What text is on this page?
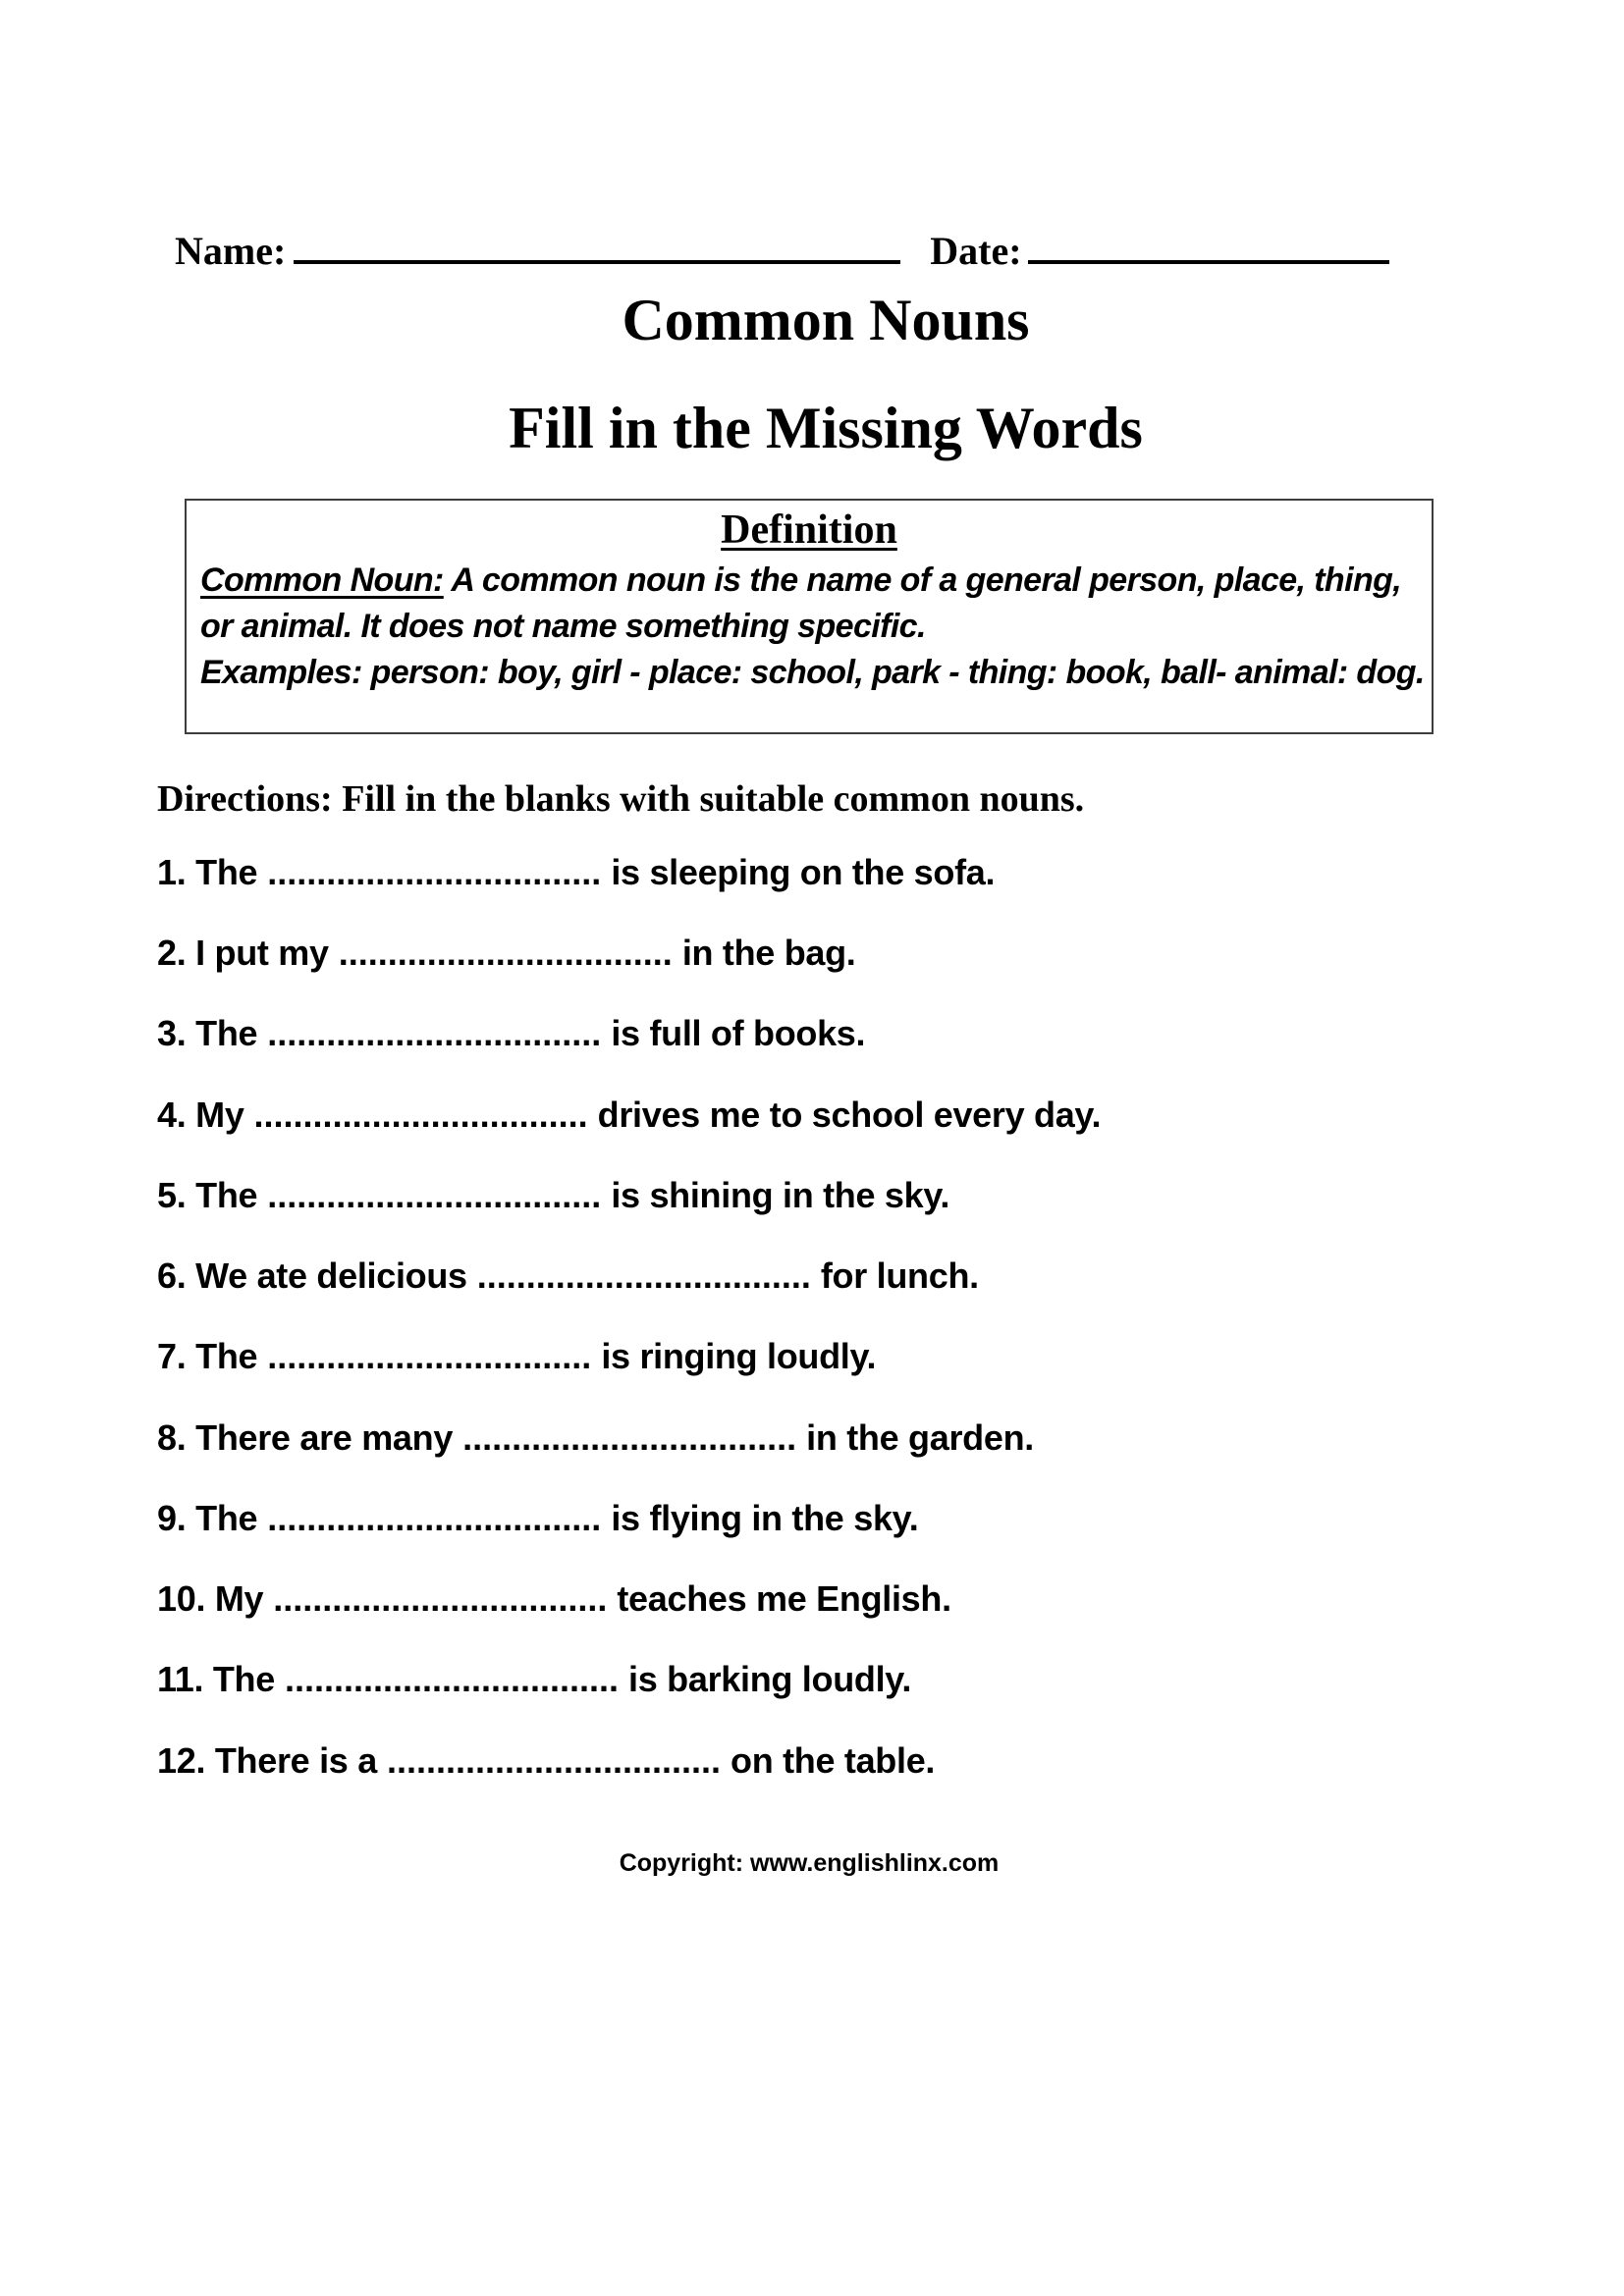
Name:	Date:
Common Nouns
Fill in the Missing Words
Definition
Common Noun: A common noun is the name of a general person, place, thing,
or animal. It does not name something specific.
Examples: person: boy, girl - place: school, park - thing: book, ball- animal: dog.
Directions: Fill in the blanks with suitable common nouns.
1. The .................................. is sleeping on the sofa.
2. I put my .................................. in the bag.
3. The .................................. is full of books.
4. My .................................. drives me to school every day.
5. The .................................. is shining in the sky.
6. We ate delicious .................................. for lunch.
7. The ................................. is ringing loudly.
8. There are many .................................. in the garden.
9. The .................................. is flying in the sky.
10. My .................................. teaches me English.
11. The .................................. is barking loudly.
12. There is a .................................. on the table.
Copyright: www.englishlinx.com
